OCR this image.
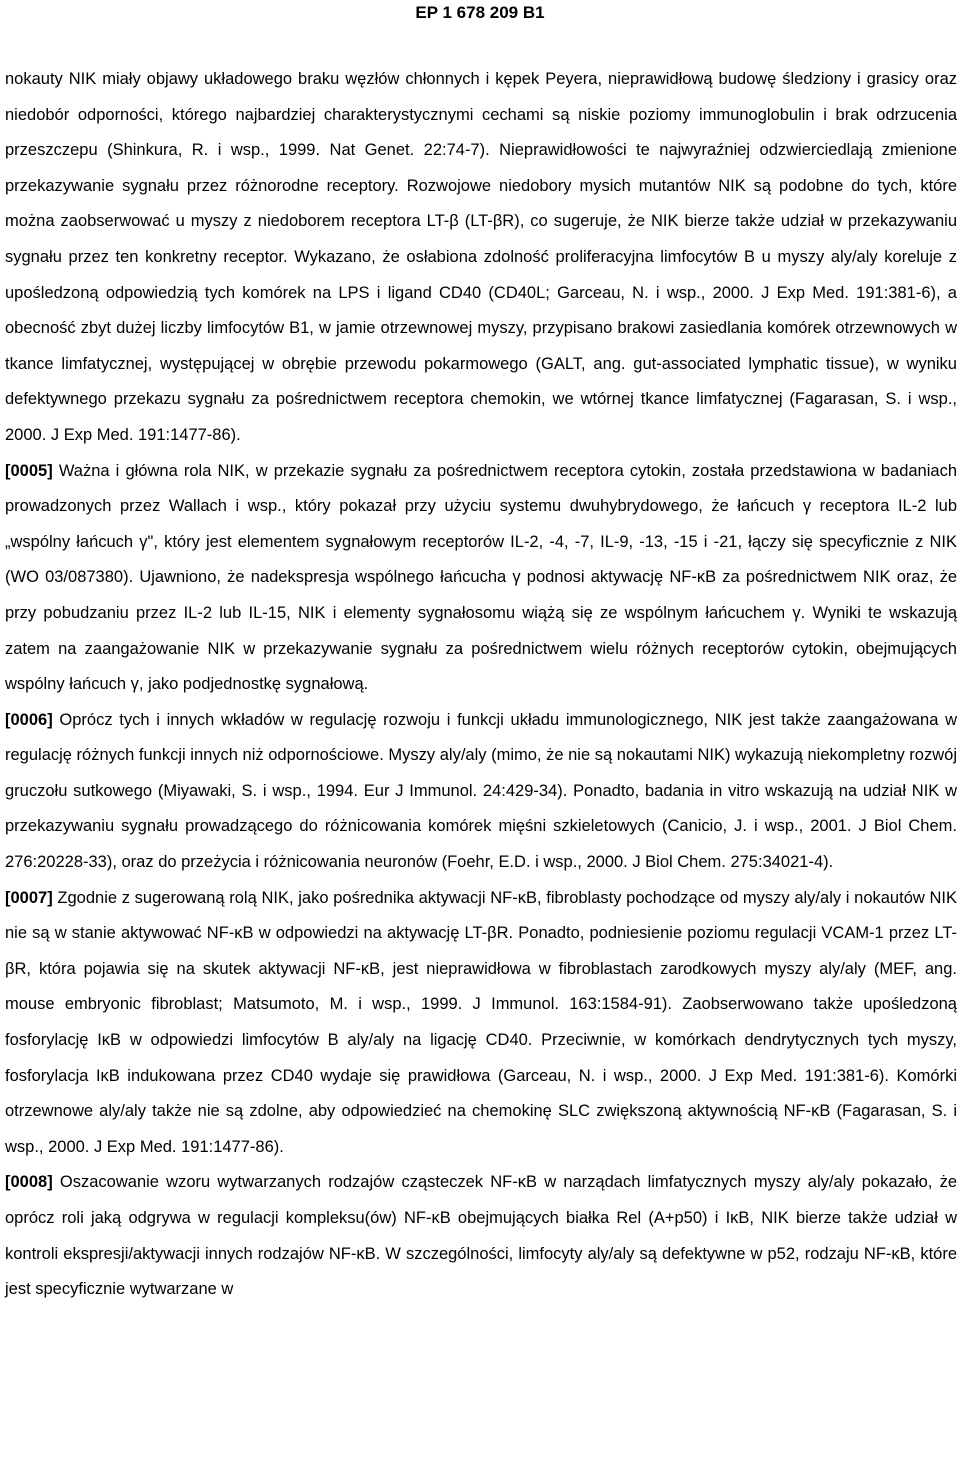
EP 1 678 209 B1

nokauty NIK miały objawy układowego braku węzłów chłonnych i kępek Peyera, nieprawidłową budowę śledziony i grasicy oraz niedobór odporności, którego najbardziej charakterystycznymi cechami są niskie poziomy immunoglobulin i brak odrzucenia przeszczepu (Shinkura, R. i wsp., 1999. Nat Genet. 22:74-7). Nieprawidłowości te najwyraźniej odzwierciedlają zmienione przekazywanie sygnału przez różnorodne receptory. Rozwojowe niedobory mysich mutantów NIK są podobne do tych, które można zaobserwować u myszy z niedoborem receptora LT-β (LT-βR), co sugeruje, że NIK bierze także udział w przekazywaniu sygnału przez ten konkretny receptor. Wykazano, że osłabiona zdolność proliferacyjna limfocytów B u myszy aly/aly koreluje z upośledzoną odpowiedzią tych komórek na LPS i ligand CD40 (CD40L; Garceau, N. i wsp., 2000. J Exp Med. 191:381-6), a obecność zbyt dużej liczby limfocytów B1, w jamie otrzewnowej myszy, przypisano brakowi zasiedlania komórek otrzewnowych w tkance limfatycznej, występującej w obrębie przewodu pokarmowego (GALT, ang. gut-associated lymphatic tissue), w wyniku defektywnego przekazu sygnału za pośrednictwem receptora chemokin, we wtórnej tkance limfatycznej (Fagarasan, S. i wsp., 2000. J Exp Med. 191:1477-86).

[0005] Ważna i główna rola NIK, w przekazie sygnału za pośrednictwem receptora cytokin, została przedstawiona w badaniach prowadzonych przez Wallach i wsp., który pokazał przy użyciu systemu dwuhybrydowego, że łańcuch γ receptora IL-2 lub „wspólny łańcuch γ", który jest elementem sygnałowym receptorów IL-2, -4, -7, IL-9, -13, -15 i -21, łączy się specyficznie z NIK (WO 03/087380). Ujawniono, że nadekspresja wspólnego łańcucha γ podnosi aktywację NF-κB za pośrednictwem NIK oraz, że przy pobudzaniu przez IL-2 lub IL-15, NIK i elementy sygnałosomu wiążą się ze wspólnym łańcuchem γ. Wyniki te wskazują zatem na zaangażowanie NIK w przekazywanie sygnału za pośrednictwem wielu różnych receptorów cytokin, obejmujących wspólny łańcuch γ, jako podjednostkę sygnałową.

[0006] Oprócz tych i innych wkładów w regulację rozwoju i funkcji układu immunologicznego, NIK jest także zaangażowana w regulację różnych funkcji innych niż odpornościowe. Myszy aly/aly (mimo, że nie są nokautami NIK) wykazują niekompletny rozwój gruczołu sutkowego (Miyawaki, S. i wsp., 1994. Eur J Immunol. 24:429-34). Ponadto, badania in vitro wskazują na udział NIK w przekazywaniu sygnału prowadzącego do różnicowania komórek mięśni szkieletowych (Canicio, J. i wsp., 2001. J Biol Chem. 276:20228-33), oraz do przeżycia i różnicowania neuronów (Foehr, E.D. i wsp., 2000. J Biol Chem. 275:34021-4).

[0007] Zgodnie z sugerowaną rolą NIK, jako pośrednika aktywacji NF-κB, fibroblasty pochodzące od myszy aly/aly i nokautów NIK nie są w stanie aktywować NF-κB w odpowiedzi na aktywację LT-βR. Ponadto, podniesienie poziomu regulacji VCAM-1 przez LT-βR, która pojawia się na skutek aktywacji NF-κB, jest nieprawidłowa w fibroblastach zarodkowych myszy aly/aly (MEF, ang. mouse embryonic fibroblast; Matsumoto, M. i wsp., 1999. J Immunol. 163:1584-91). Zaobserwowano także upośledzoną fosforylację IκB w odpowiedzi limfocytów B aly/aly na ligację CD40. Przeciwnie, w komórkach dendrytycznych tych myszy, fosforylacja IκB indukowana przez CD40 wydaje się prawidłowa (Garceau, N. i wsp., 2000. J Exp Med. 191:381-6). Komórki otrzewnowe aly/aly także nie są zdolne, aby odpowiedzieć na chemokinę SLC zwiększoną aktywnością NF-κB (Fagarasan, S. i wsp., 2000. J Exp Med. 191:1477-86).

[0008] Oszacowanie wzoru wytwarzanych rodzajów cząsteczek NF-κB w narządach limfatycznych myszy aly/aly pokazało, że oprócz roli jaką odgrywa w regulacji kompleksu(ów) NF-κB obejmujących białka Rel (A+p50) i IκB, NIK bierze także udział w kontroli ekspresji/aktywacji innych rodzajów NF-κB. W szczególności, limfocyty aly/aly są defektywne w p52, rodzaju NF-κB, które jest specyficznie wytwarzane w
